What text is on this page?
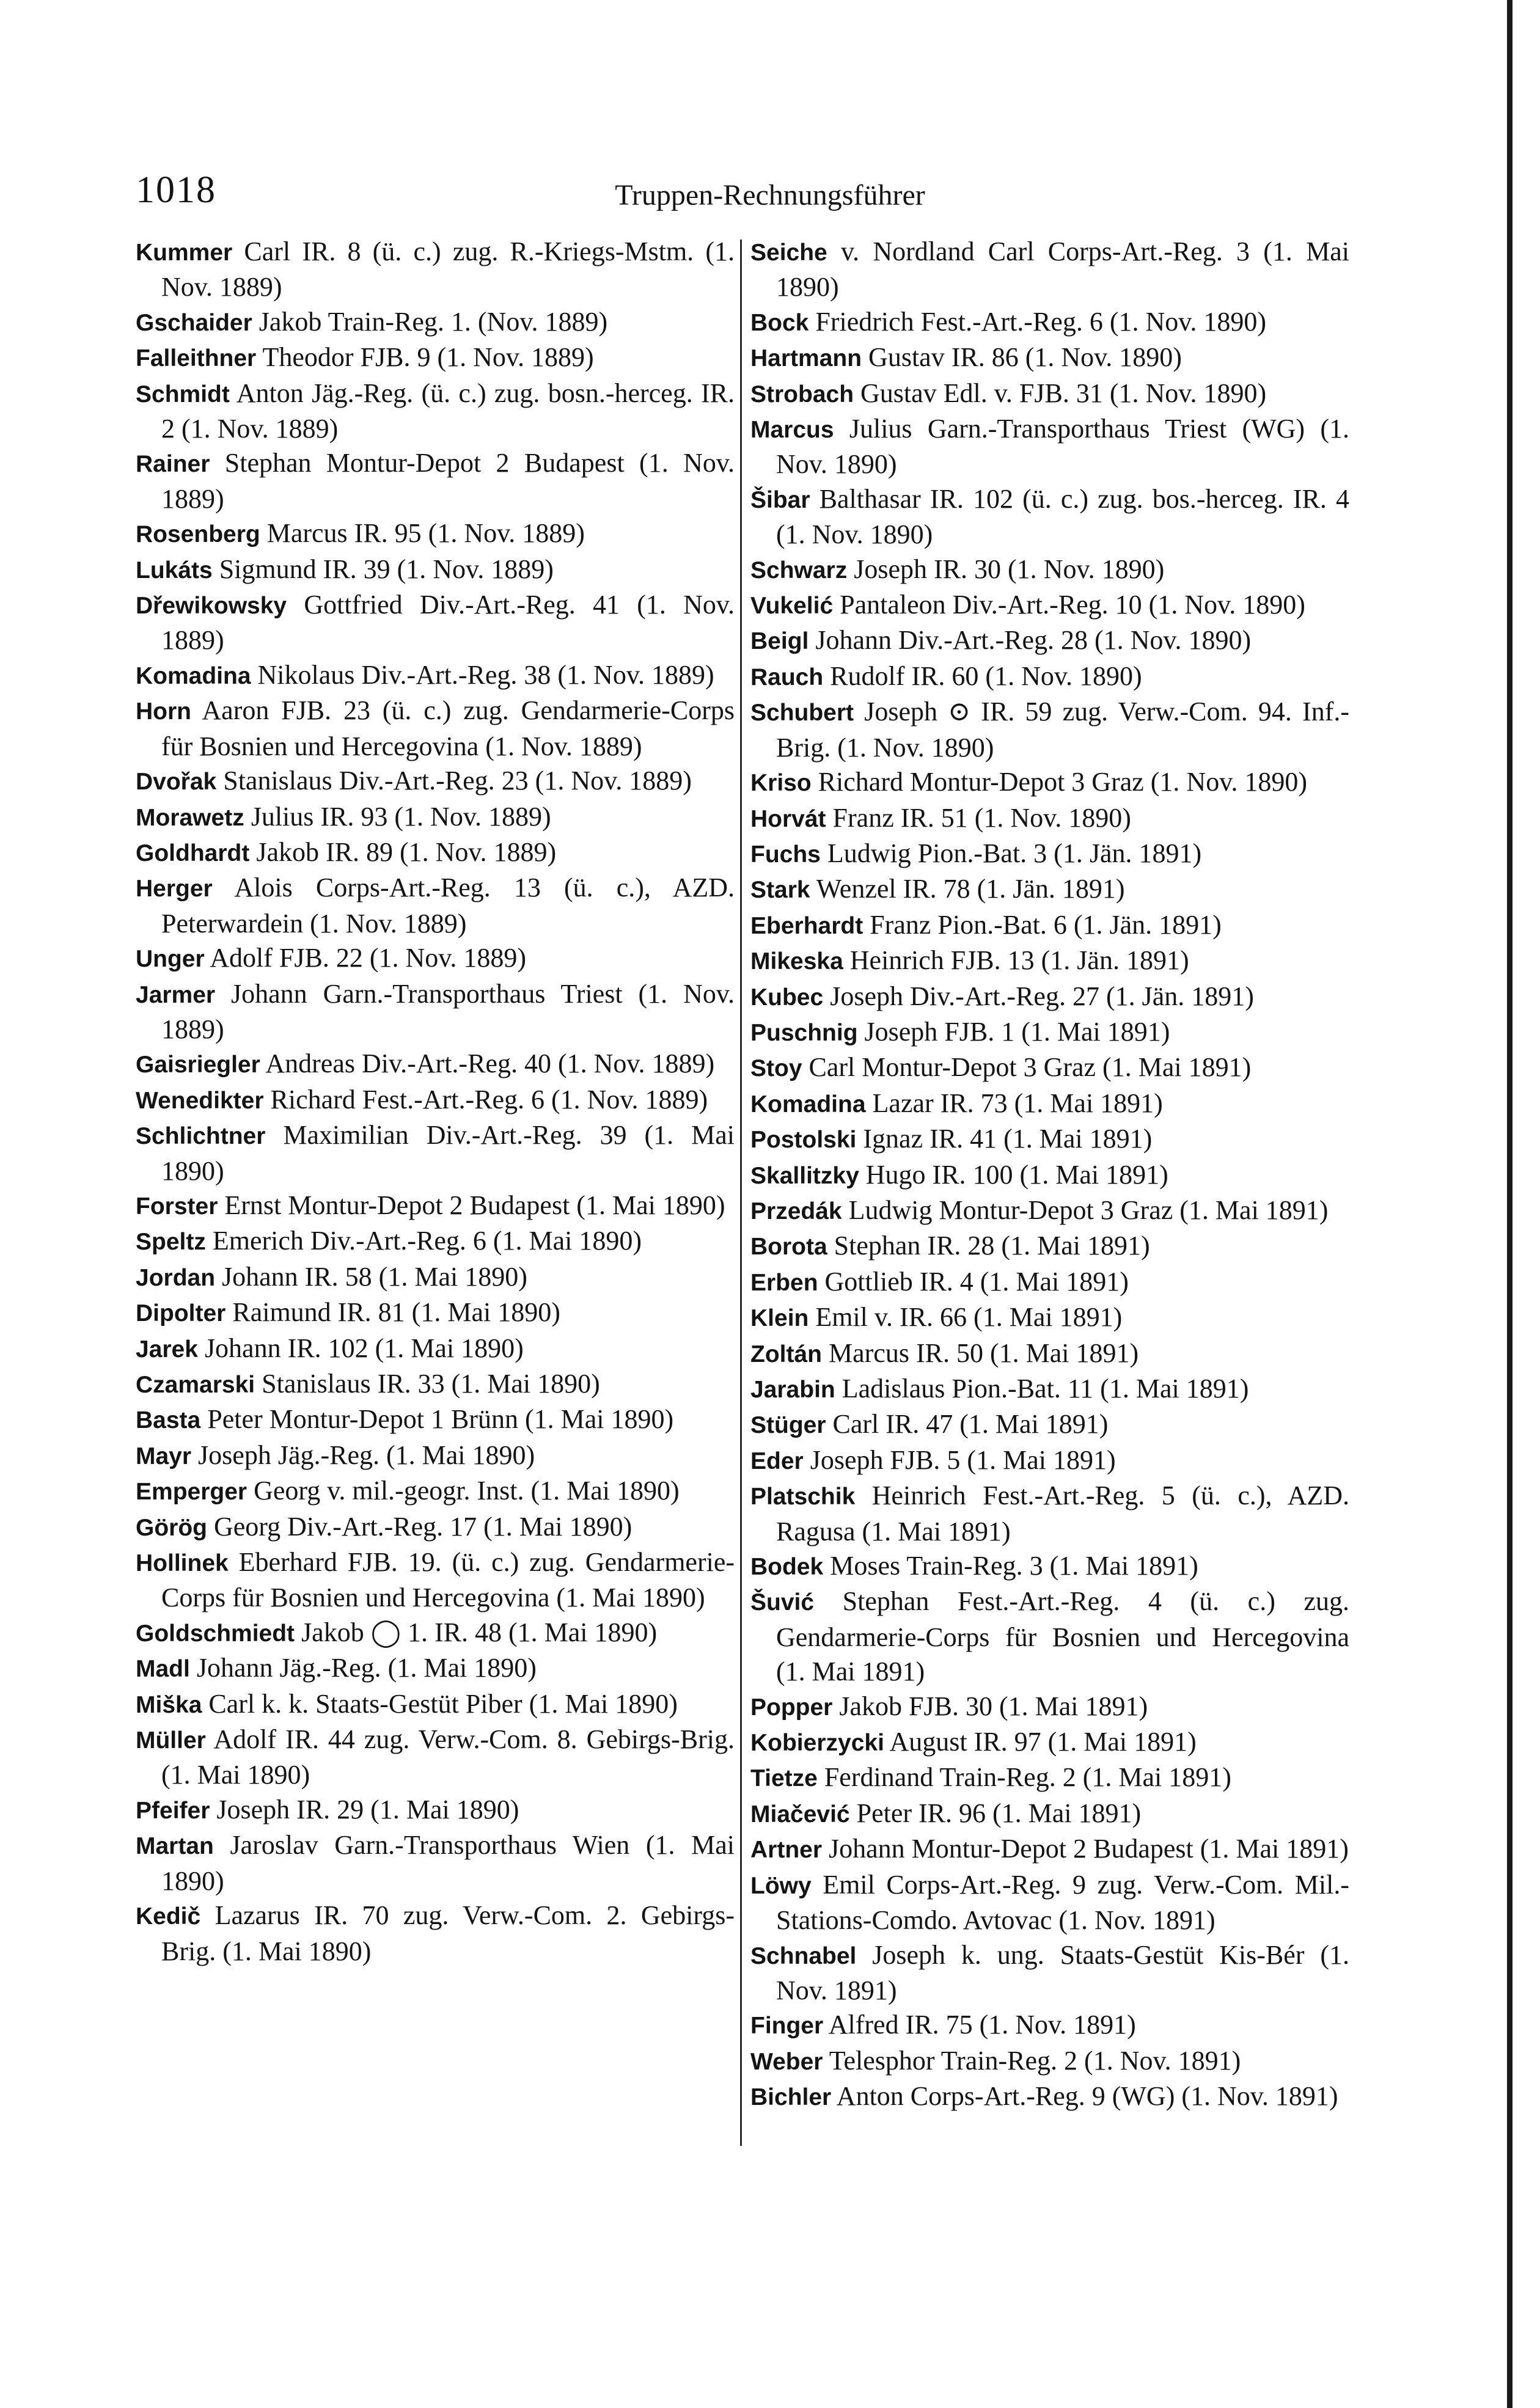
1018	Truppen-Rechnungsführer

Kummer Carl IR. 8 (ü. c.) zug. R.-Kriegs-Mstm. (1. Nov. 1889)

Gschaider Jakob Train-Reg. 1. (Nov. 1889)

Falleithner Theodor FJB. 9 (1. Nov. 1889)

Schmidt Anton Jäg.-Reg. (ü. c.) zug. bosn.-herceg. IR. 2 (1. Nov. 1889)

Rainer Stephan Montur-Depot 2 Budapest (1. Nov. 1889)

Rosenberg Marcus IR. 95 (1. Nov. 1889)

Lukáts Sigmund IR. 39 (1. Nov. 1889)

Dřewikowsky Gottfried Div.-Art.-Reg. 41 (1. Nov. 1889)

Komadina Nikolaus Div.-Art.-Reg. 38 (1. Nov. 1889)

Horn Aaron FJB. 23 (ü. c.) zug. Gendarmerie-Corps für Bosnien und Hercegovina (1. Nov. 1889)

Dvořak Stanislaus Div.-Art.-Reg. 23 (1. Nov. 1889)

Morawetz Julius IR. 93 (1. Nov. 1889)

Goldhardt Jakob IR. 89 (1. Nov. 1889)

Herger Alois Corps-Art.-Reg. 13 (ü. c.), AZD. Peterwardein (1. Nov. 1889)

Unger Adolf FJB. 22 (1. Nov. 1889)

Jarmer Johann Garn.-Transporthaus Triest (1. Nov. 1889)

Gaisriegler Andreas Div.-Art.-Reg. 40 (1. Nov. 1889)

Wenedikter Richard Fest.-Art.-Reg. 6 (1. Nov. 1889)

Schlichtner Maximilian Div.-Art.-Reg. 39 (1. Mai 1890)

Forster Ernst Montur-Depot 2 Budapest (1. Mai 1890)

Speltz Emerich Div.-Art.-Reg. 6 (1. Mai 1890)

Jordan Johann IR. 58 (1. Mai 1890)

Dipolter Raimund IR. 81 (1. Mai 1890)

Jarek Johann IR. 102 (1. Mai 1890)

Czamarski Stanislaus IR. 33 (1. Mai 1890)

Basta Peter Montur-Depot 1 Brünn (1. Mai 1890)

Mayr Joseph Jäg.-Reg. (1. Mai 1890)

Emperger Georg v. mil.-geogr. Inst. (1. Mai 1890)

Görög Georg Div.-Art.-Reg. 17 (1. Mai 1890)

Hollinek Eberhard FJB. 19. (ü. c.) zug. Gendarmerie-Corps für Bosnien und Hercegovina (1. Mai 1890)

Goldschmiedt Jakob ◯ 1. IR. 48 (1. Mai 1890)

Madl Johann Jäg.-Reg. (1. Mai 1890)

Miška Carl k. k. Staats-Gestüt Piber (1. Mai 1890)

Müller Adolf IR. 44 zug. Verw.-Com. 8. Gebirgs-Brig. (1. Mai 1890)

Pfeifer Joseph IR. 29 (1. Mai 1890)

Martan Jaroslav Garn.-Transporthaus Wien (1. Mai 1890)

Kedič Lazarus IR. 70 zug. Verw.-Com. 2. Gebirgs-Brig. (1. Mai 1890)

Seiche v. Nordland Carl Corps-Art.-Reg. 3 (1. Mai 1890)

Bock Friedrich Fest.-Art.-Reg. 6 (1. Nov. 1890)

Hartmann Gustav IR. 86 (1. Nov. 1890)

Strobach Gustav Edl. v. FJB. 31 (1. Nov. 1890)

Marcus Julius Garn.-Transporthaus Triest (WG) (1. Nov. 1890)

Šibar Balthasar IR. 102 (ü. c.) zug. bos.-herceg. IR. 4 (1. Nov. 1890)

Schwarz Joseph IR. 30 (1. Nov. 1890)

Vukelić Pantaleon Div.-Art.-Reg. 10 (1. Nov. 1890)

Beigl Johann Div.-Art.-Reg. 28 (1. Nov. 1890)

Rauch Rudolf IR. 60 (1. Nov. 1890)

Schubert Joseph ⊙ IR. 59 zug. Verw.-Com. 94. Inf.-Brig. (1. Nov. 1890)

Kriso Richard Montur-Depot 3 Graz (1. Nov. 1890)

Horvát Franz IR. 51 (1. Nov. 1890)

Fuchs Ludwig Pion.-Bat. 3 (1. Jän. 1891)

Stark Wenzel IR. 78 (1. Jän. 1891)

Eberhardt Franz Pion.-Bat. 6 (1. Jän. 1891)

Mikeska Heinrich FJB. 13 (1. Jän. 1891)

Kubec Joseph Div.-Art.-Reg. 27 (1. Jän. 1891)

Puschnig Joseph FJB. 1 (1. Mai 1891)

Stoy Carl Montur-Depot 3 Graz (1. Mai 1891)

Komadina Lazar IR. 73 (1. Mai 1891)

Postolski Ignaz IR. 41 (1. Mai 1891)

Skallitzky Hugo IR. 100 (1. Mai 1891)

Przedák Ludwig Montur-Depot 3 Graz (1. Mai 1891)

Borota Stephan IR. 28 (1. Mai 1891)

Erben Gottlieb IR. 4 (1. Mai 1891)

Klein Emil v. IR. 66 (1. Mai 1891)

Zoltán Marcus IR. 50 (1. Mai 1891)

Jarabin Ladislaus Pion.-Bat. 11 (1. Mai 1891)

Stüger Carl IR. 47 (1. Mai 1891)

Eder Joseph FJB. 5 (1. Mai 1891)

Platschik Heinrich Fest.-Art.-Reg. 5 (ü. c.), AZD. Ragusa (1. Mai 1891)

Bodek Moses Train-Reg. 3 (1. Mai 1891)

Šuvić Stephan Fest.-Art.-Reg. 4 (ü. c.) zug. Gendarmerie-Corps für Bosnien und Hercegovina (1. Mai 1891)

Popper Jakob FJB. 30 (1. Mai 1891)

Kobierzycki August IR. 97 (1. Mai 1891)

Tietze Ferdinand Train-Reg. 2 (1. Mai 1891)

Miačević Peter IR. 96 (1. Mai 1891)

Artner Johann Montur-Depot 2 Budapest (1. Mai 1891)

Löwy Emil Corps-Art.-Reg. 9 zug. Verw.-Com. Mil.-Stations-Comdo. Avtovac (1. Nov. 1891)

Schnabel Joseph k. ung. Staats-Gestüt Kis-Bér (1. Nov. 1891)

Finger Alfred IR. 75 (1. Nov. 1891)

Weber Telesphor Train-Reg. 2 (1. Nov. 1891)

Bichler Anton Corps-Art.-Reg. 9 (WG) (1. Nov. 1891)
